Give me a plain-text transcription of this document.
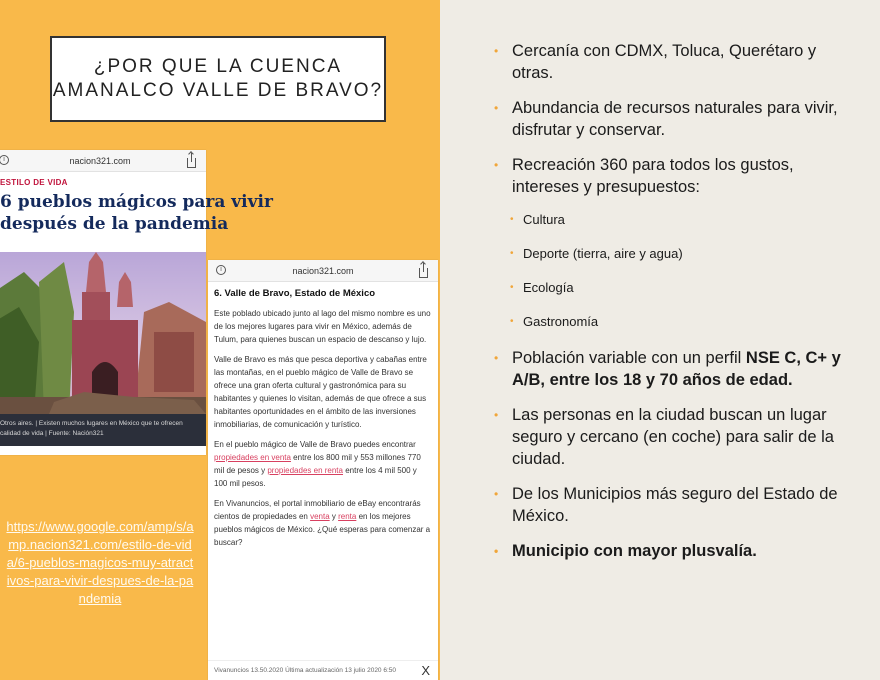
¿POR QUE LA CUENCA
AMANALCO VALLE DE BRAVO?
i	nacion321.com
ESTILO DE VIDA
6 pueblos mágicos para vivir
después de la pandemia
Otros aires. | Existen muchos lugares en México que te ofrecen
calidad de vida | Fuente: Nación321
i	nacion321.com
6. Valle de Bravo, Estado de México

Este poblado ubicado junto al lago del mismo nombre es uno de los mejores lugares para vivir en México, además de Tulum, para quienes buscan un espacio de descanso y lujo.

Valle de Bravo es más que pesca deportiva y cabañas entre las montañas, en el pueblo mágico de Valle de Bravo se ofrece una gran oferta cultural y gastronómica para su habitantes y quienes lo visitan, además de que ofrece a sus habitantes oportunidades en el ámbito de las inversiones inmobiliarias, de comunicación y turístico.

En el pueblo mágico de Valle de Bravo puedes encontrar propiedades en venta entre los 800 mil y 553 millones 770 mil de pesos y propiedades en renta entre los 4 mil 500 y 100 mil pesos.

En Vivanuncios, el portal inmobiliario de eBay encontrarás cientos de propiedades en venta y renta en los mejores pueblos mágicos de México. ¿Qué esperas para comenzar a buscar?

Vivanuncios 13.50.2020 Última actualización 13 julio 2020 6:50 X
https://www.google.com/amp/s/amp.nacion321.com/estilo-de-vida/6-pueblos-magicos-muy-atractivos-para-vivir-despues-de-la-pandemia
• Cercanía con CDMX, Toluca, Querétaro y otras.
• Abundancia de recursos naturales para vivir, disfrutar y conservar.
• Recreación 360 para todos los gustos, intereses y presupuestos:
• Cultura
• Deporte (tierra, aire y agua)
• Ecología
• Gastronomía
• Población variable con un perfil NSE C, C+ y A/B, entre los 18 y 70 años de edad.
• Las personas en la ciudad buscan un lugar seguro y cercano (en coche) para salir de la ciudad.
• De los Municipios más seguro del Estado de México.
• Municipio con mayor plusvalía.
